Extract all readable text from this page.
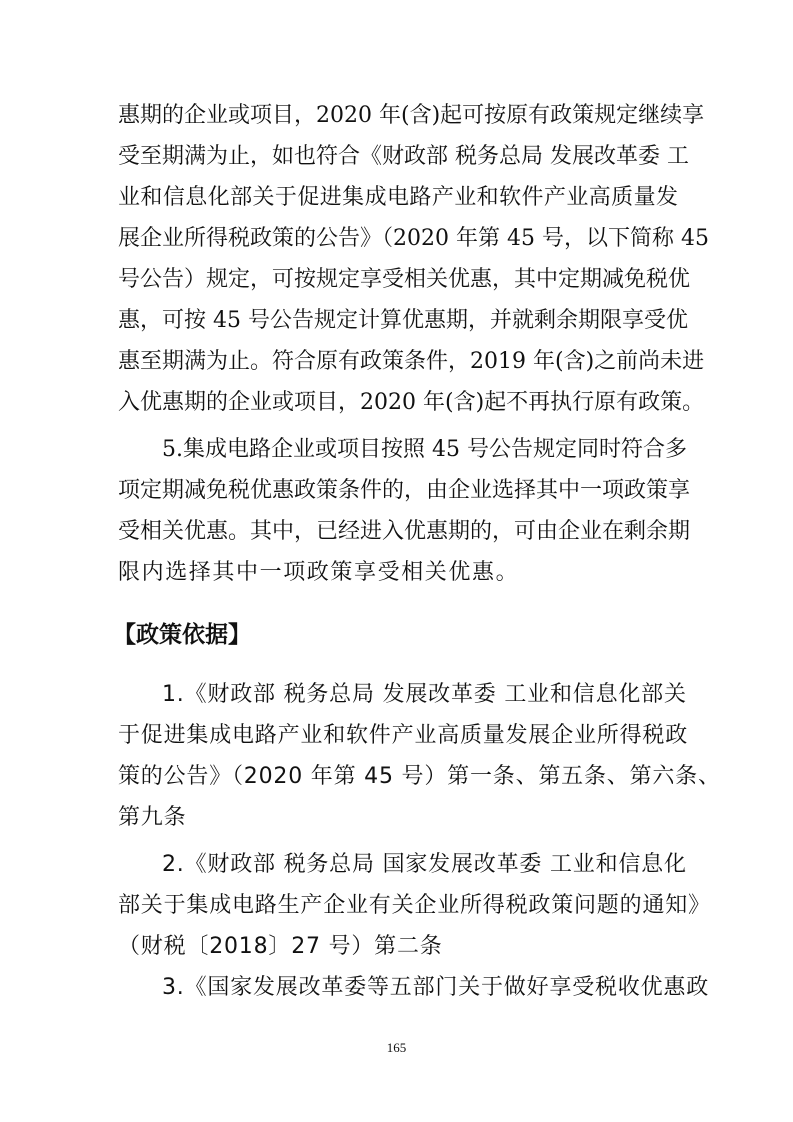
惠期的企业或项目，2020 年(含)起可按原有政策规定继续享
受至期满为止，如也符合《财政部 税务总局 发展改革委 工
业和信息化部关于促进集成电路产业和软件产业高质量发
展企业所得税政策的公告》（2020 年第 45 号，以下简称 45
号公告）规定，可按规定享受相关优惠，其中定期减免税优
惠，可按 45 号公告规定计算优惠期，并就剩余期限享受优
惠至期满为止。符合原有政策条件，2019 年(含)之前尚未进
入优惠期的企业或项目，2020 年(含)起不再执行原有政策。
5.集成电路企业或项目按照 45 号公告规定同时符合多
项定期减免税优惠政策条件的，由企业选择其中一项政策享
受相关优惠。其中，已经进入优惠期的，可由企业在剩余期
限内选择其中一项政策享受相关优惠。
【政策依据】
1.《财政部 税务总局 发展改革委 工业和信息化部关
于促进集成电路产业和软件产业高质量发展企业所得税政
策的公告》（2020 年第 45 号）第一条、第五条、第六条、
第九条
2.《财政部 税务总局 国家发展改革委 工业和信息化
部关于集成电路生产企业有关企业所得税政策问题的通知》
（财税〔2018〕27 号）第二条
3.《国家发展改革委等五部门关于做好享受税收优惠政
165
